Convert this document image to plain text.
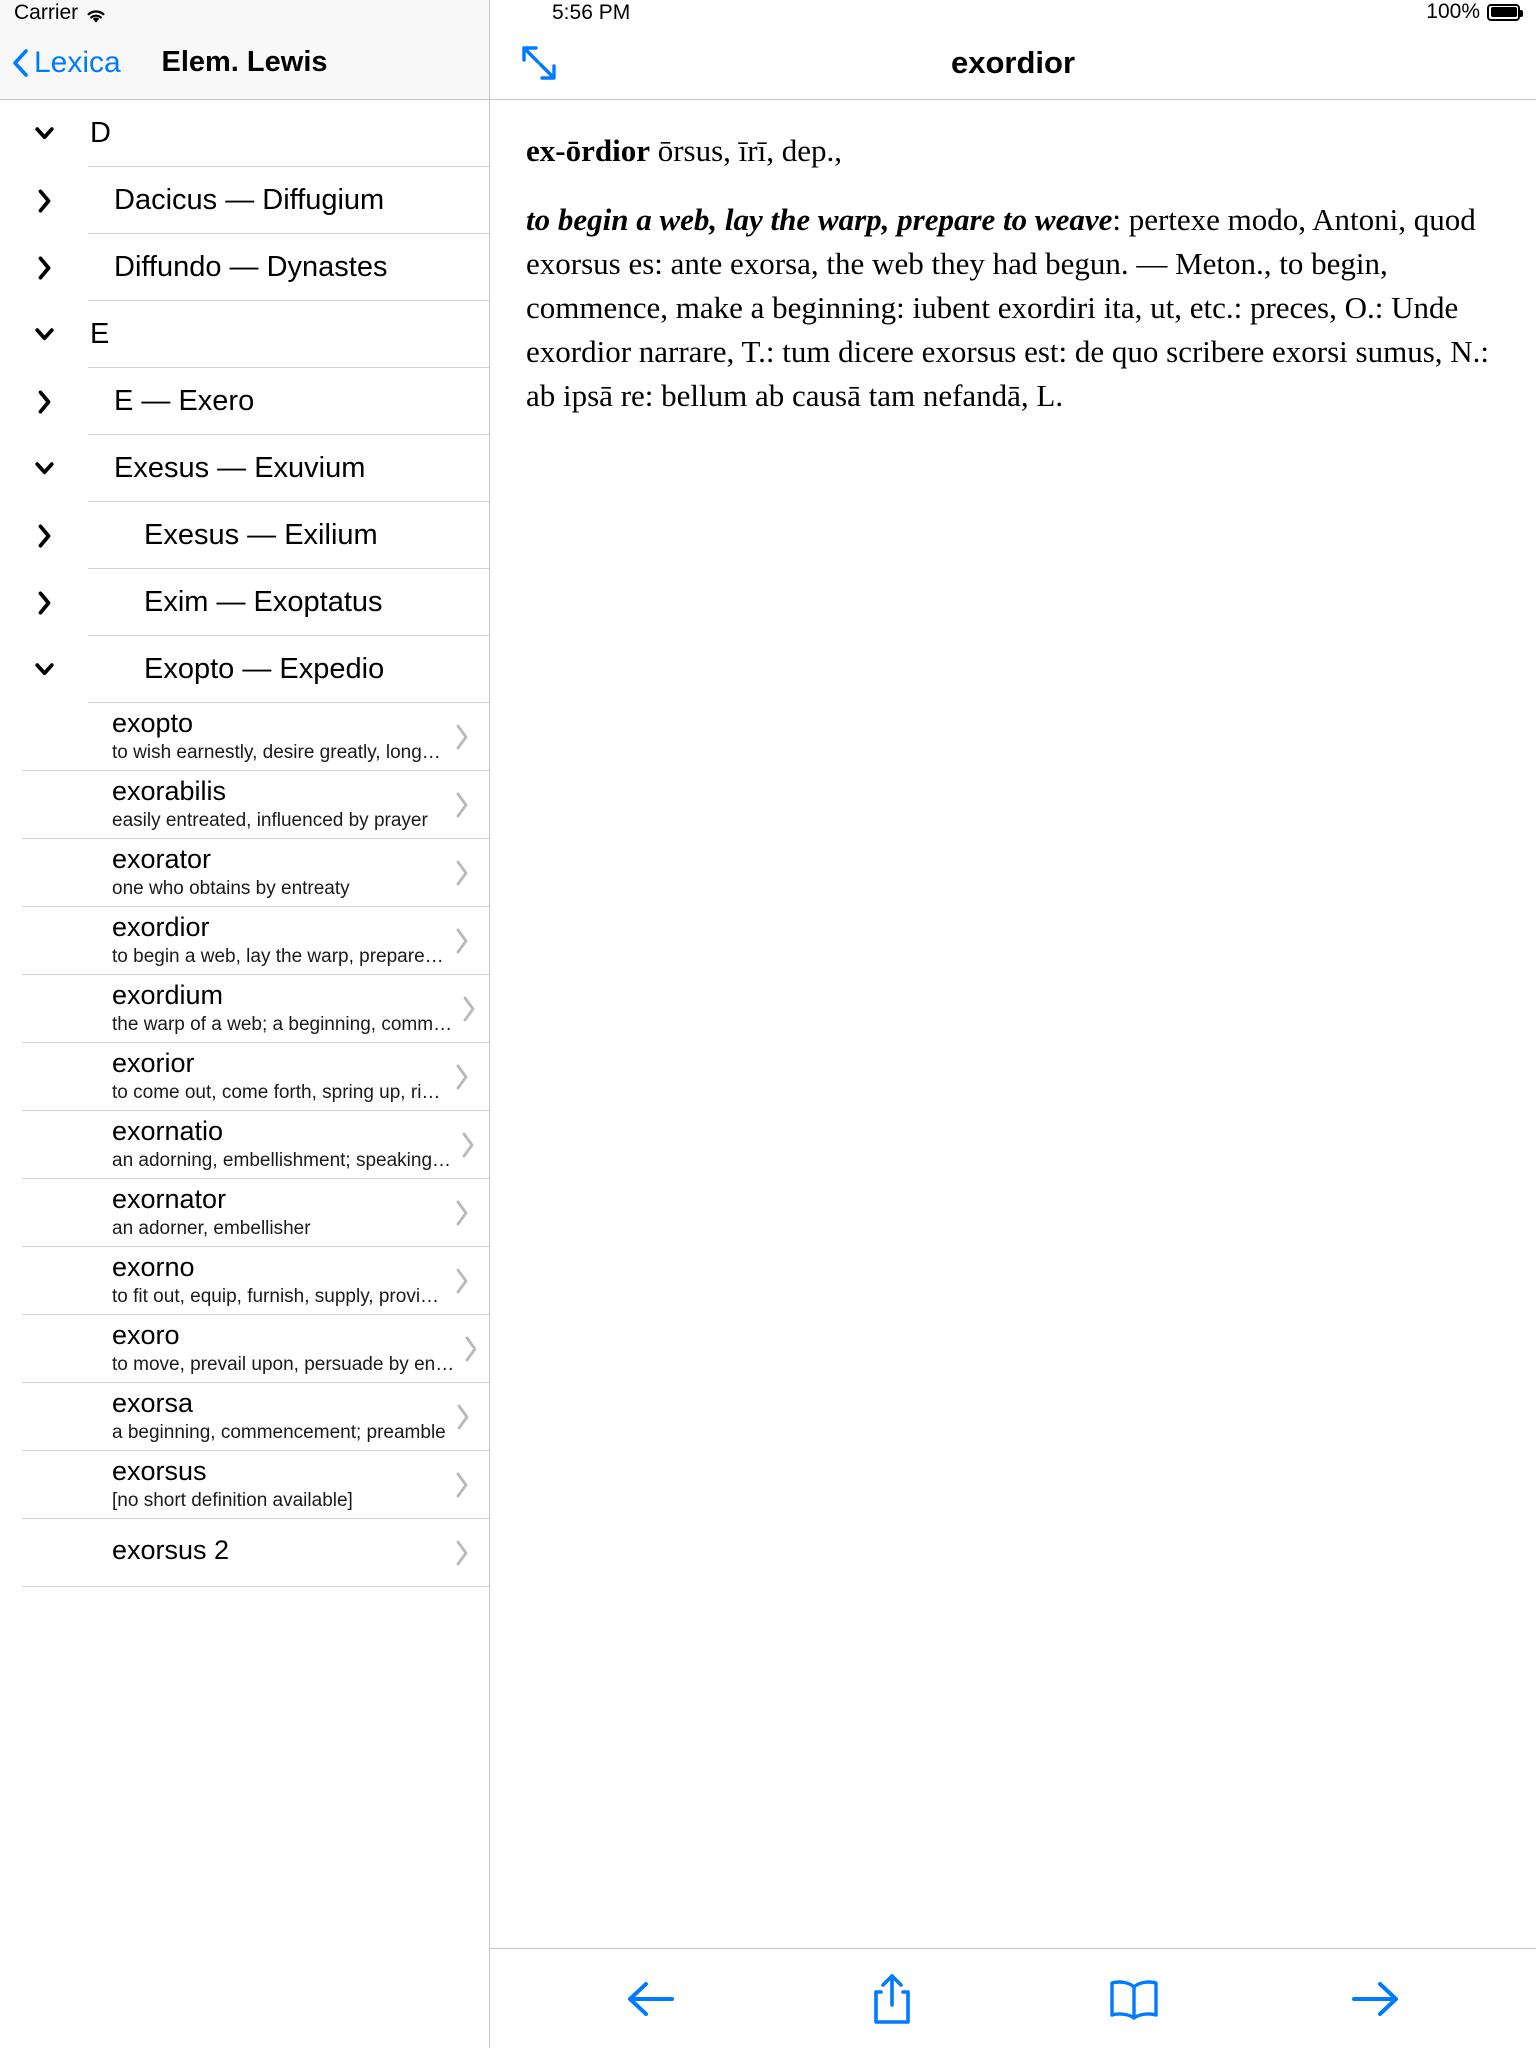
Carrier
Lexica	Elem. Lewis
D
Dacicus — Diffugium
Diffundo — Dynastes
E
E — Exero
Exesus — Exuvium
Exesus — Exilium
Exim — Exoptatus
Exopto — Expedio
exopto
to wish earnestly, desire greatly, long…
exorabilis
easily entreated, influenced by prayer
exorator
one who obtains by entreaty
exordior
to begin a web, lay the warp, prepare…
exordium
the warp of a web; a beginning, comm…
exorior
to come out, come forth, spring up, ri…
exornatio
an adorning, embellishment; speaking…
exornator
an adorner, embellisher
exorno
to fit out, equip, furnish, supply, provi…
exoro
to move, prevail upon, persuade by en…
exorsa
a beginning, commencement; preamble
exorsus
[no short definition available]
exorsus 2
5:56 PM	100%
exordior
ex-ōrdior ōrsus, īrī, dep.,
to begin a web, lay the warp, prepare to weave: pertexe modo, Antoni, quod exorsus es: ante exorsa, the web they had begun. — Meton., to begin, commence, make a beginning: iubent exordiri ita, ut, etc.: preces, O.: Unde exordior narrare, T.: tum dicere exorsus est: de quo scribere exorsi sumus, N.: ab ipsā re: bellum ab causā tam nefandā, L.
